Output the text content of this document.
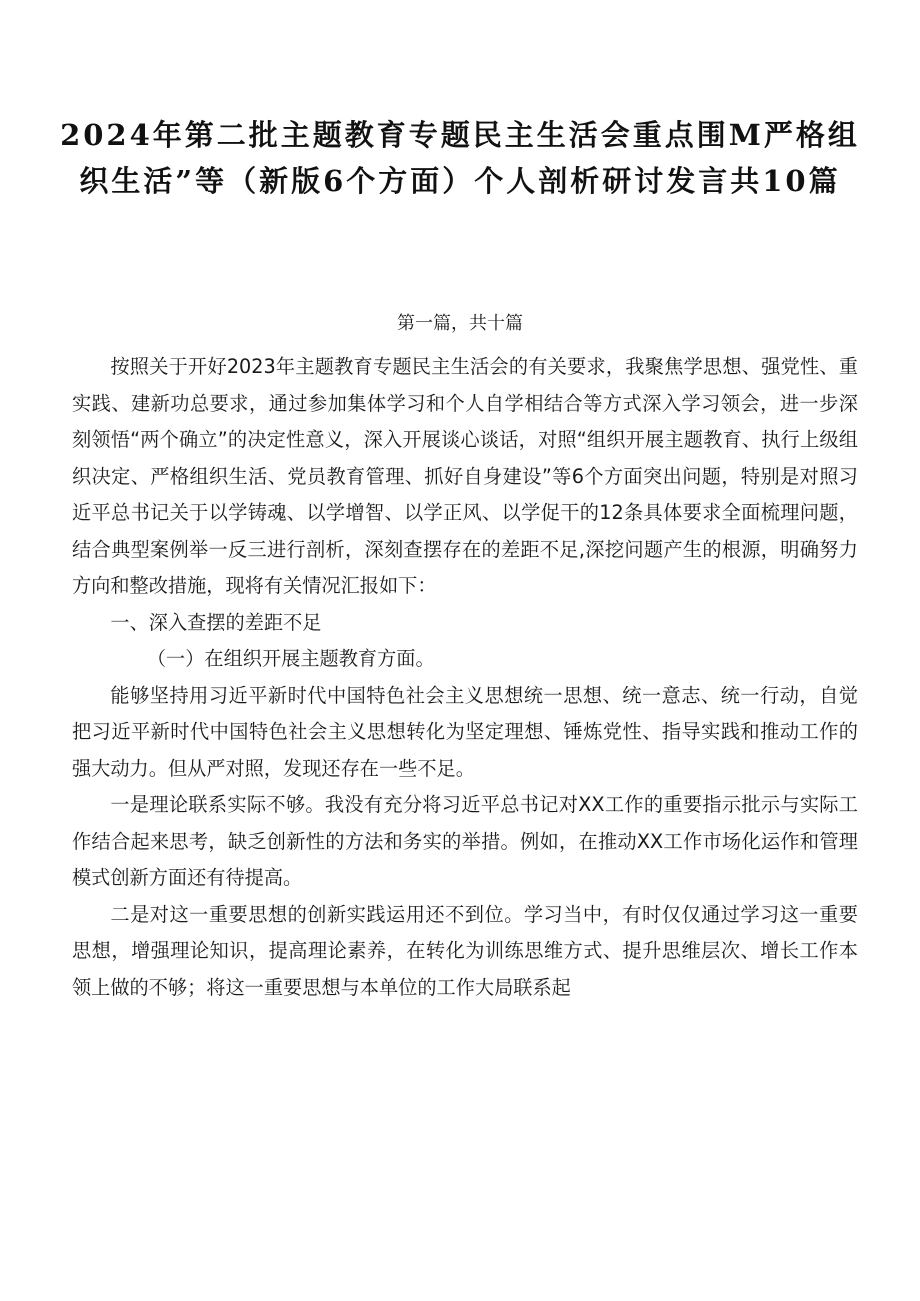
2024年第二批主题教育专题民主生活会重点围M严格组织生活”等（新版6个方面）个人剖析研讨发言共10篇
第一篇，共十篇

按照关于开好2023年主题教育专题民主生活会的有关要求，我聚焦学思想、强党性、重实践、建新功总要求，通过参加集体学习和个人自学相结合等方式深入学习领会，进一步深刻领悟“两个确立”的决定性意义，深入开展谈心谈话，对照“组织开展主题教育、执行上级组织决定、严格组织生活、党员教育管理、抓好自身建设”等6个方面突出问题，特别是对照习近平总书记关于以学铸魂、以学增智、以学正风、以学促干的12条具体要求全面梳理问题，结合典型案例举一反三进行剖析，深刻查摆存在的差距不足,深挖问题产生的根源，明确努力方向和整改措施，现将有关情况汇报如下：

一、深入查摆的差距不足

（一）在组织开展主题教育方面。

能够坚持用习近平新时代中国特色社会主义思想统一思想、统一意志、统一行动，自觉把习近平新时代中国特色社会主义思想转化为坚定理想、锤炼党性、指导实践和推动工作的强大动力。但从严对照，发现还存在一些不足。

一是理论联系实际不够。我没有充分将习近平总书记对XX工作的重要指示批示与实际工作结合起来思考，缺乏创新性的方法和务实的举措。例如，在推动XX工作市场化运作和管理模式创新方面还有待提高。

二是对这一重要思想的创新实践运用还不到位。学习当中，有时仅仅通过学习这一重要思想，增强理论知识，提高理论素养，在转化为训练思维方式、提升思维层次、增长工作本领上做的不够；将这一重要思想与本单位的工作大局联系起
